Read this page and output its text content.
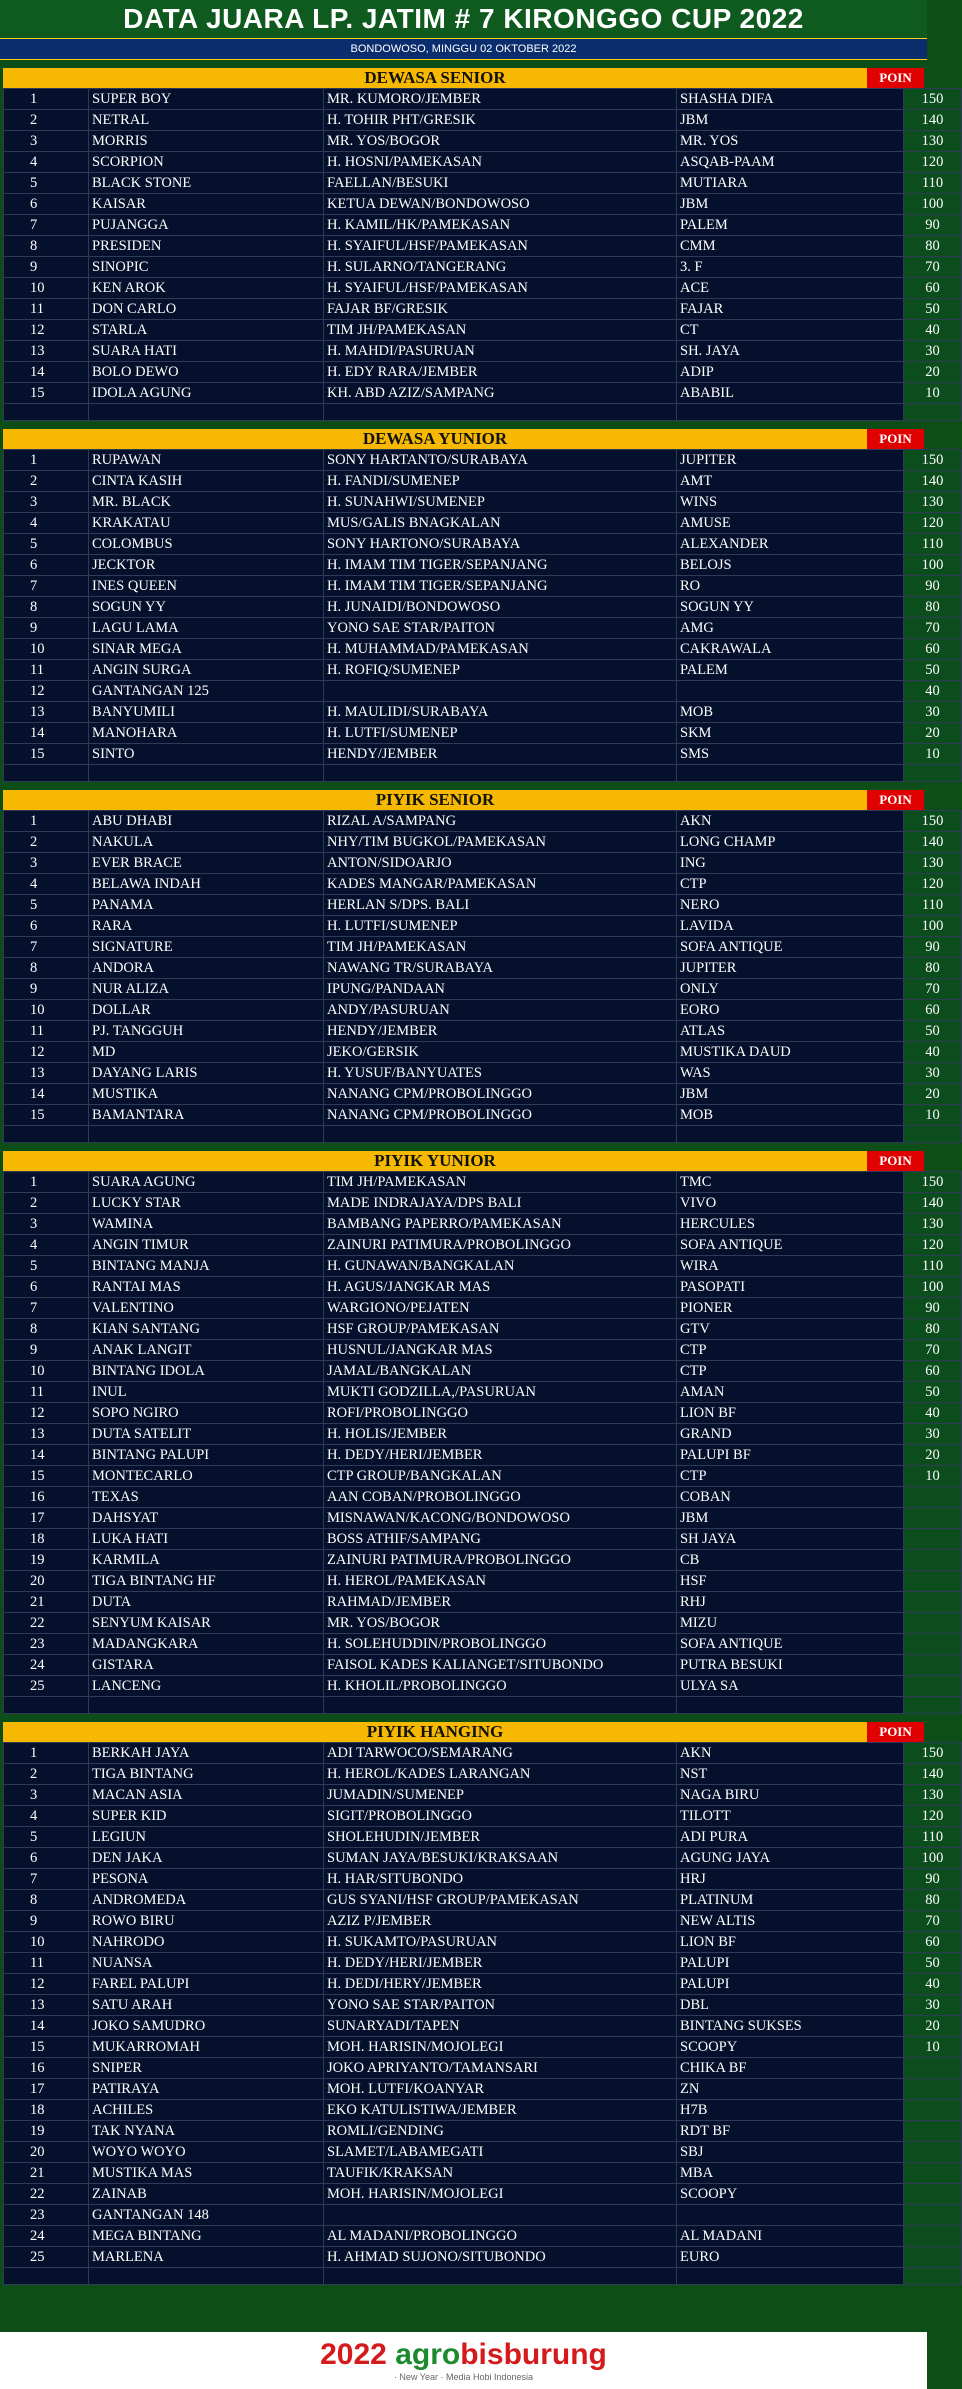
DATA JUARA LP. JATIM # 7 KIRONGGO CUP 2022
BONDOWOSO, MINGGU 02 OKTOBER 2022
DEWASA SENIOR	POIN
1	SUPER BOY	MR. KUMORO/JEMBER	SHASHA DIFA	150
2	NETRAL	H. TOHIR PHT/GRESIK	JBM	140
3	MORRIS	MR. YOS/BOGOR	MR. YOS	130
4	SCORPION	H. HOSNI/PAMEKASAN	ASQAB-PAAM	120
5	BLACK STONE	FAELLAN/BESUKI	MUTIARA	110
6	KAISAR	KETUA DEWAN/BONDOWOSO	JBM	100
7	PUJANGGA	H. KAMIL/HK/PAMEKASAN	PALEM	90
8	PRESIDEN	H. SYAIFUL/HSF/PAMEKASAN	CMM	80
9	SINOPIC	H. SULARNO/TANGERANG	3. F	70
10	KEN AROK	H. SYAIFUL/HSF/PAMEKASAN	ACE	60
11	DON CARLO	FAJAR BF/GRESIK	FAJAR	50
12	STARLA	TIM JH/PAMEKASAN	CT	40
13	SUARA HATI	H. MAHDI/PASURUAN	SH. JAYA	30
14	BOLO DEWO	H. EDY RARA/JEMBER	ADIP	20
15	IDOLA AGUNG	KH. ABD AZIZ/SAMPANG	ABABIL	10

DEWASA YUNIOR	POIN
1	RUPAWAN	SONY HARTANTO/SURABAYA	JUPITER	150
2	CINTA KASIH	H. FANDI/SUMENEP	AMT	140
3	MR. BLACK	H. SUNAHWI/SUMENEP	WINS	130
4	KRAKATAU	MUS/GALIS BNAGKALAN	AMUSE	120
5	COLOMBUS	SONY HARTONO/SURABAYA	ALEXANDER	110
6	JECKTOR	H. IMAM TIM TIGER/SEPANJANG	BELOJS	100
7	INES QUEEN	H. IMAM TIM TIGER/SEPANJANG	RO	90
8	SOGUN YY	H. JUNAIDI/BONDOWOSO	SOGUN YY	80
9	LAGU LAMA	YONO SAE STAR/PAITON	AMG	70
10	SINAR MEGA	H. MUHAMMAD/PAMEKASAN	CAKRAWALA	60
11	ANGIN SURGA	H. ROFIQ/SUMENEP	PALEM	50
12	GANTANGAN 125			40
13	BANYUMILI	H. MAULIDI/SURABAYA	MOB	30
14	MANOHARA	H. LUTFI/SUMENEP	SKM	20
15	SINTO	HENDY/JEMBER	SMS	10

PIYIK SENIOR	POIN
1	ABU DHABI	RIZAL A/SAMPANG	AKN	150
2	NAKULA	NHY/TIM BUGKOL/PAMEKASAN	LONG CHAMP	140
3	EVER BRACE	ANTON/SIDOARJO	ING	130
4	BELAWA INDAH	KADES MANGAR/PAMEKASAN	CTP	120
5	PANAMA	HERLAN S/DPS. BALI	NERO	110
6	RARA	H. LUTFI/SUMENEP	LAVIDA	100
7	SIGNATURE	TIM JH/PAMEKASAN	SOFA ANTIQUE	90
8	ANDORA	NAWANG TR/SURABAYA	JUPITER	80
9	NUR ALIZA	IPUNG/PANDAAN	ONLY	70
10	DOLLAR	ANDY/PASURUAN	EORO	60
11	PJ. TANGGUH	HENDY/JEMBER	ATLAS	50
12	MD	JEKO/GERSIK	MUSTIKA DAUD	40
13	DAYANG LARIS	H. YUSUF/BANYUATES	WAS	30
14	MUSTIKA	NANANG CPM/PROBOLINGGO	JBM	20
15	BAMANTARA	NANANG CPM/PROBOLINGGO	MOB	10

PIYIK YUNIOR	POIN
1	SUARA AGUNG	TIM JH/PAMEKASAN	TMC	150
2	LUCKY STAR	MADE INDRAJAYA/DPS BALI	VIVO	140
3	WAMINA	BAMBANG PAPERRO/PAMEKASAN	HERCULES	130
4	ANGIN TIMUR	ZAINURI PATIMURA/PROBOLINGGO	SOFA ANTIQUE	120
5	BINTANG MANJA	H. GUNAWAN/BANGKALAN	WIRA	110
6	RANTAI MAS	H. AGUS/JANGKAR MAS	PASOPATI	100
7	VALENTINO	WARGIONO/PEJATEN	PIONER	90
8	KIAN SANTANG	HSF GROUP/PAMEKASAN	GTV	80
9	ANAK LANGIT	HUSNUL/JANGKAR MAS	CTP	70
10	BINTANG IDOLA	JAMAL/BANGKALAN	CTP	60
11	INUL	MUKTI GODZILLA,/PASURUAN	AMAN	50
12	SOPO NGIRO	ROFI/PROBOLINGGO	LION BF	40
13	DUTA SATELIT	H. HOLIS/JEMBER	GRAND	30
14	BINTANG PALUPI	H. DEDY/HERI/JEMBER	PALUPI BF	20
15	MONTECARLO	CTP GROUP/BANGKALAN	CTP	10
16	TEXAS	AAN COBAN/PROBOLINGGO	COBAN	
17	DAHSYAT	MISNAWAN/KACONG/BONDOWOSO	JBM	
18	LUKA HATI	BOSS ATHIF/SAMPANG	SH JAYA	
19	KARMILA	ZAINURI PATIMURA/PROBOLINGGO	CB	
20	TIGA BINTANG HF	H. HEROL/PAMEKASAN	HSF	
21	DUTA	RAHMAD/JEMBER	RHJ	
22	SENYUM KAISAR	MR. YOS/BOGOR	MIZU	
23	MADANGKARA	H. SOLEHUDDIN/PROBOLINGGO	SOFA ANTIQUE	
24	GISTARA	FAISOL KADES KALIANGET/SITUBONDO	PUTRA BESUKI	
25	LANCENG	H. KHOLIL/PROBOLINGGO	ULYA SA	

PIYIK HANGING	POIN
1	BERKAH JAYA	ADI TARWOCO/SEMARANG	AKN	150
2	TIGA BINTANG	H. HEROL/KADES LARANGAN	NST	140
3	MACAN ASIA	JUMADIN/SUMENEP	NAGA BIRU	130
4	SUPER KID	SIGIT/PROBOLINGGO	TILOTT	120
5	LEGIUN	SHOLEHUDIN/JEMBER	ADI PURA	110
6	DEN JAKA	SUMAN JAYA/BESUKI/KRAKSAAN	AGUNG JAYA	100
7	PESONA	H. HAR/SITUBONDO	HRJ	90
8	ANDROMEDA	GUS SYANI/HSF GROUP/PAMEKASAN	PLATINUM	80
9	ROWO BIRU	AZIZ P/JEMBER	NEW ALTIS	70
10	NAHRODO	H. SUKAMTO/PASURUAN	LION BF	60
11	NUANSA	H. DEDY/HERI/JEMBER	PALUPI	50
12	FAREL PALUPI	H. DEDI/HERY/JEMBER	PALUPI	40
13	SATU ARAH	YONO SAE STAR/PAITON	DBL	30
14	JOKO SAMUDRO	SUNARYADI/TAPEN	BINTANG SUKSES	20
15	MUKARROMAH	MOH. HARISIN/MOJOLEGI	SCOOPY	10
16	SNIPER	JOKO APRIYANTO/TAMANSARI	CHIKA BF	
17	PATIRAYA	MOH. LUTFI/KOANYAR	ZN	
18	ACHILES	EKO KATULISTIWA/JEMBER	H7B	
19	TAK NYANA	ROMLI/GENDING	RDT BF	
20	WOYO WOYO	SLAMET/LABAMEGATI	SBJ	
21	MUSTIKA MAS	TAUFIK/KRAKSAN	MBA	
22	ZAINAB	MOH. HARISIN/MOJOLEGI	SCOOPY	
23	GANTANGAN 148			
24	MEGA BINTANG	AL MADANI/PROBOLINGGO	AL MADANI	
25	MARLENA	H. AHMAD SUJONO/SITUBONDO	EURO	

2022 agrobisburung
· New Year · Media Hobi Indonesia
